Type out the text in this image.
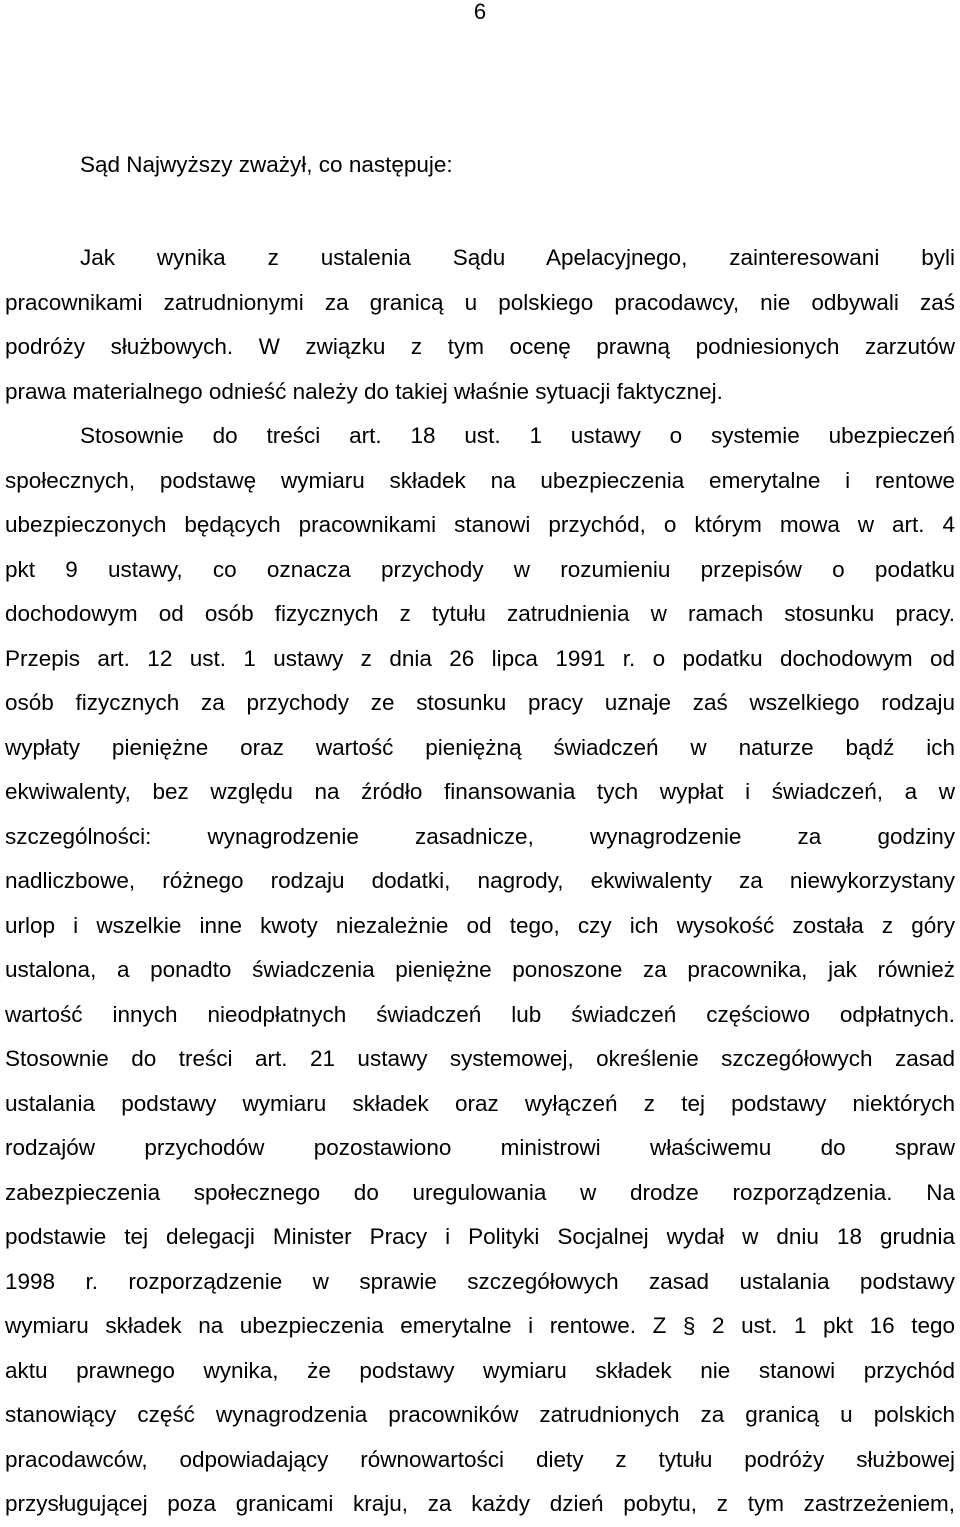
6
Sąd Najwyższy zważył, co następuje:
Jak wynika z ustalenia Sądu Apelacyjnego, zainteresowani byli
pracownikami zatrudnionymi za granicą u polskiego pracodawcy, nie odbywali zaś
podróży służbowych. W związku z tym ocenę prawną podniesionych zarzutów
prawa materialnego odnieść należy do takiej właśnie sytuacji faktycznej.
Stosownie do treści art. 18 ust. 1 ustawy o systemie ubezpieczeń
społecznych, podstawę wymiaru składek na ubezpieczenia emerytalne i rentowe
ubezpieczonych będących pracownikami stanowi przychód, o którym mowa w art. 4
pkt 9 ustawy, co oznacza przychody w rozumieniu przepisów o podatku
dochodowym od osób fizycznych z tytułu zatrudnienia w ramach stosunku pracy.
Przepis art. 12 ust. 1 ustawy z dnia 26 lipca 1991 r. o podatku dochodowym od
osób fizycznych za przychody ze stosunku pracy uznaje zaś wszelkiego rodzaju
wypłaty pieniężne oraz wartość pieniężną świadczeń w naturze bądź ich
ekwiwalenty, bez względu na źródło finansowania tych wypłat i świadczeń, a w
szczególności: wynagrodzenie zasadnicze, wynagrodzenie za godziny
nadliczbowe, różnego rodzaju dodatki, nagrody, ekwiwalenty za niewykorzystany
urlop i wszelkie inne kwoty niezależnie od tego, czy ich wysokość została z góry
ustalona, a ponadto świadczenia pieniężne ponoszone za pracownika, jak również
wartość innych nieodpłatnych świadczeń lub świadczeń częściowo odpłatnych.
Stosownie do treści art. 21 ustawy systemowej, określenie szczegółowych zasad
ustalania podstawy wymiaru składek oraz wyłączeń z tej podstawy niektórych
rodzajów przychodów pozostawiono ministrowi właściwemu do spraw
zabezpieczenia społecznego do uregulowania w drodze rozporządzenia. Na
podstawie tej delegacji Minister Pracy i Polityki Socjalnej wydał w dniu 18 grudnia
1998 r. rozporządzenie w sprawie szczegółowych zasad ustalania podstawy
wymiaru składek na ubezpieczenia emerytalne i rentowe. Z § 2 ust. 1 pkt 16 tego
aktu prawnego wynika, że podstawy wymiaru składek nie stanowi przychód
stanowiący część wynagrodzenia pracowników zatrudnionych za granicą u polskich
pracodawców, odpowiadający równowartości diety z tytułu podróży służbowej
przysługującej poza granicami kraju, za każdy dzień pobytu, z tym zastrzeżeniem,
